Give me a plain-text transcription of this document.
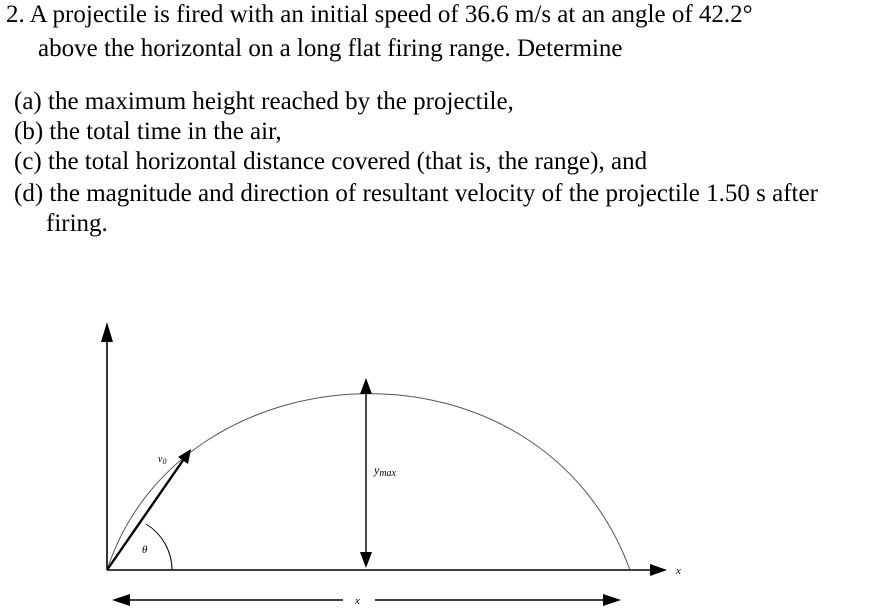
2. A projectile is fired with an initial speed of 36.6 m/s at an angle of 42.2°
above the horizontal on a long flat firing range. Determine
(a) the maximum height reached by the projectile,
(b) the total time in the air,
(c) the total horizontal distance covered (that is, the range), and
(d) the magnitude and direction of resultant velocity of the projectile 1.50 s after
firing.
x
$v_0$
θ
ymax
x
